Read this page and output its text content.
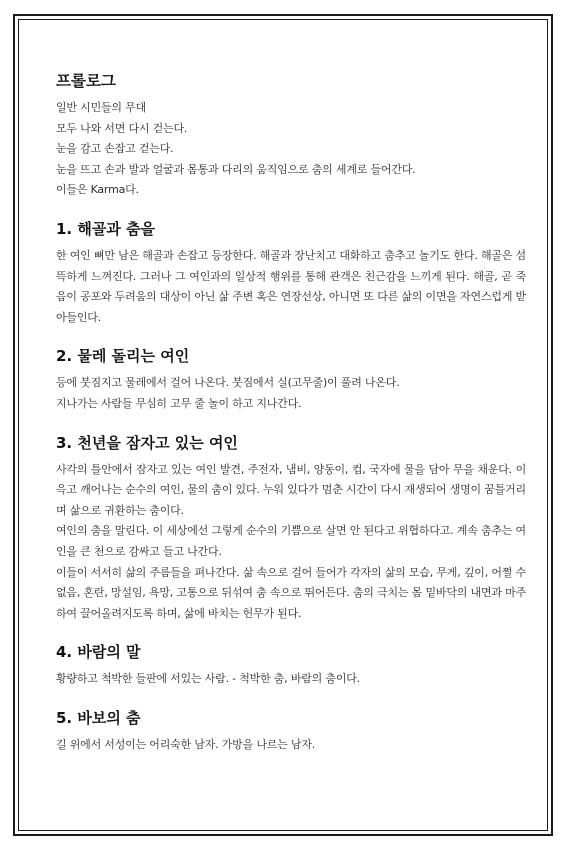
프롤로그

일반 시민들의 무대

모두 나와 서면 다시 걷는다.

눈을 감고 손잡고 걷는다.

눈을 뜨고 손과 발과 얼굴과 몸통과 다리의 움직임으로 춤의 세계로 들어간다.

이들은 Karma다.

1. 해골과 춤을

한 여인 뼈만 남은 해골과 손잡고 등장한다. 해골과 장난치고 대화하고 춤추고 놀기도 한다. 해골은 섬뜩하게 느껴진다. 그러나 그 여인과의 일상적 행위를 통해 관객은 친근감을 느끼게 된다. 해골, 곧 죽음이 공포와 두려움의 대상이 아닌 삶 주변 혹은 연장선상, 아니면 또 다른 삶의 이면을 자연스럽게 받아들인다.

2. 물레 돌리는 여인

등에 붓짐지고 물레에서 걸어 나온다. 붓짐에서 실(고무줄)이 풀려 나온다.

지나가는 사람들 무심히 고무 줄 놀이 하고 지나간다.

3. 천년을 잠자고 있는 여인

사각의 틀안에서 잠자고 있는 여인 발견, 주전자, 냄비, 양동이, 컵, 국자에 물을 담아 무을 채운다. 이윽고 깨어나는 순수의 여인, 물의 춤이 있다. 누워 있다가 멈춘 시간이 다시 재생되어 생명이 꿈틀거리며 삶으로 귀환하는 춤이다.

여인의 춤을 말린다. 이 세상에선 그렇게 순수의 기쁨으로 살면 안 된다고 위협하다고. 계속 춤추는 여인을 큰 천으로 감싸고 들고 나간다.

이들이 서서히 삶의 주름들을 펴나간다. 삶 속으로 걸어 들어가 각자의 삶의 모습, 무게, 깊이, 어쩔 수 없음, 혼란, 망설임, 욕망, 고통으로 뒤섞여 춤 속으로 뛰어든다. 춤의 극치는 몸 밑바닥의 내면과 마주하여 끌어올려지도록 하며, 삶에 바치는 헌무가 된다.

4. 바람의 말

황량하고 척박한 들판에 서있는 사람. - 척박한 춤, 바람의 춤이다.

5. 바보의 춤

길 위에서 서성이는 어리숙한 남자. 가방을 나르는 남자.
